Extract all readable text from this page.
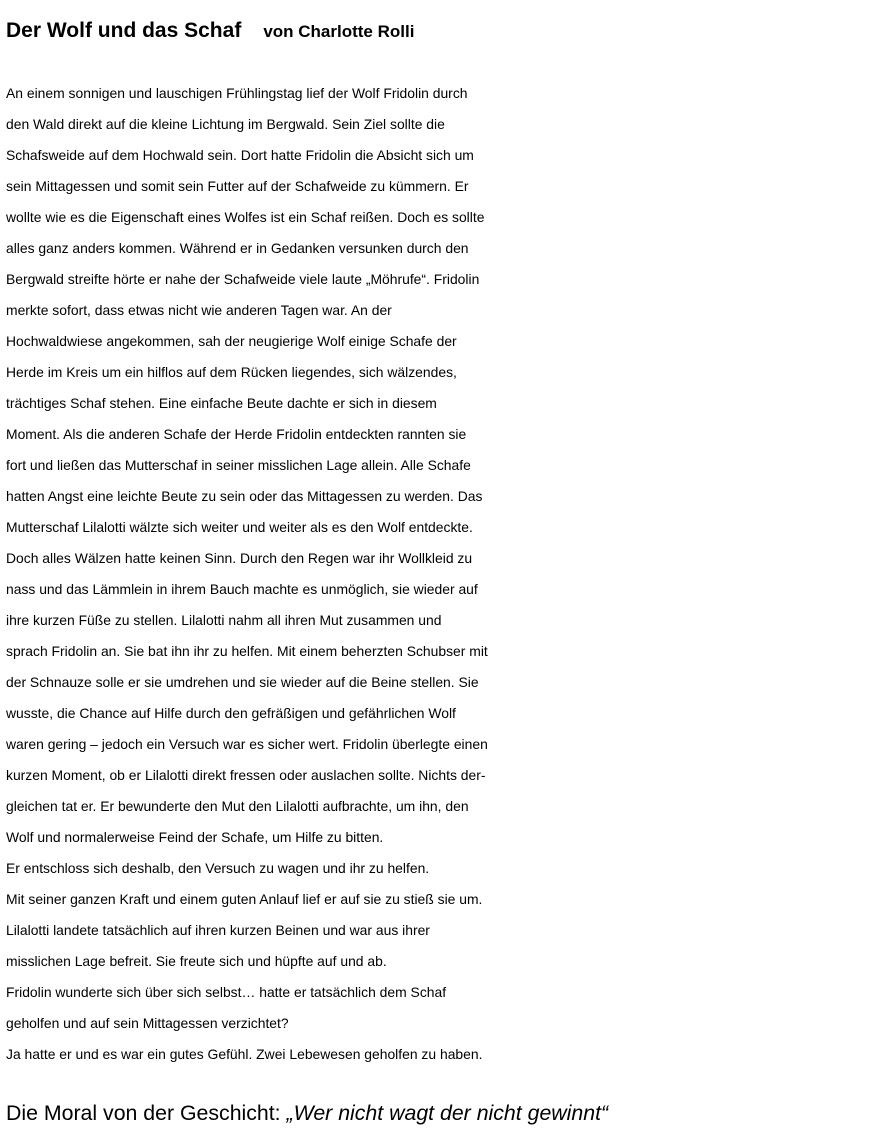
Der Wolf und das Schaf von Charlotte Rolli
An einem sonnigen und lauschigen Frühlingstag lief der Wolf Fridolin durch
den Wald direkt auf die kleine Lichtung im Bergwald. Sein Ziel sollte die
Schafsweide auf dem Hochwald sein. Dort hatte Fridolin die Absicht sich um
sein Mittagessen und somit sein Futter auf der Schafweide zu kümmern. Er
wollte wie es die Eigenschaft eines Wolfes ist ein Schaf reißen. Doch es sollte
alles ganz anders kommen. Während er in Gedanken versunken durch den
Bergwald streifte hörte er nahe der Schafweide viele laute „Möhrufe“. Fridolin
merkte sofort, dass etwas nicht wie anderen Tagen war. An der
Hochwaldwiese angekommen, sah der neugierige Wolf einige Schafe der
Herde im Kreis um ein hilflos auf dem Rücken liegendes, sich wälzendes,
trächtiges Schaf stehen. Eine einfache Beute dachte er sich in diesem
Moment. Als die anderen Schafe der Herde Fridolin entdeckten rannten sie
fort und ließen das Mutterschaf in seiner misslichen Lage allein. Alle Schafe
hatten Angst eine leichte Beute zu sein oder das Mittagessen zu werden. Das
Mutterschaf Lilalotti wälzte sich weiter und weiter als es den Wolf entdeckte.
Doch alles Wälzen hatte keinen Sinn. Durch den Regen war ihr Wollkleid zu
nass und das Lämmlein in ihrem Bauch machte es unmöglich, sie wieder auf
ihre kurzen Füße zu stellen. Lilalotti nahm all ihren Mut zusammen und
sprach Fridolin an. Sie bat ihn ihr zu helfen. Mit einem beherzten Schubser mit
der Schnauze solle er sie umdrehen und sie wieder auf die Beine stellen. Sie
wusste, die Chance auf Hilfe durch den gefräßigen und gefährlichen Wolf
waren gering – jedoch ein Versuch war es sicher wert. Fridolin überlegte einen
kurzen Moment, ob er Lilalotti direkt fressen oder auslachen sollte. Nichts der-
gleichen tat er. Er bewunderte den Mut den Lilalotti aufbrachte, um ihn, den
Wolf und normalerweise Feind der Schafe, um Hilfe zu bitten.
Er entschloss sich deshalb, den Versuch zu wagen und ihr zu helfen.
Mit seiner ganzen Kraft und einem guten Anlauf lief er auf sie zu stieß sie um.
Lilalotti landete tatsächlich auf ihren kurzen Beinen und war aus ihrer
misslichen Lage befreit. Sie freute sich und hüpfte auf und ab.
Fridolin wunderte sich über sich selbst… hatte er tatsächlich dem Schaf
geholfen und auf sein Mittagessen verzichtet?
Ja hatte er und es war ein gutes Gefühl. Zwei Lebewesen geholfen zu haben.
Die Moral von der Geschicht: „Wer nicht wagt der nicht gewinnt“
